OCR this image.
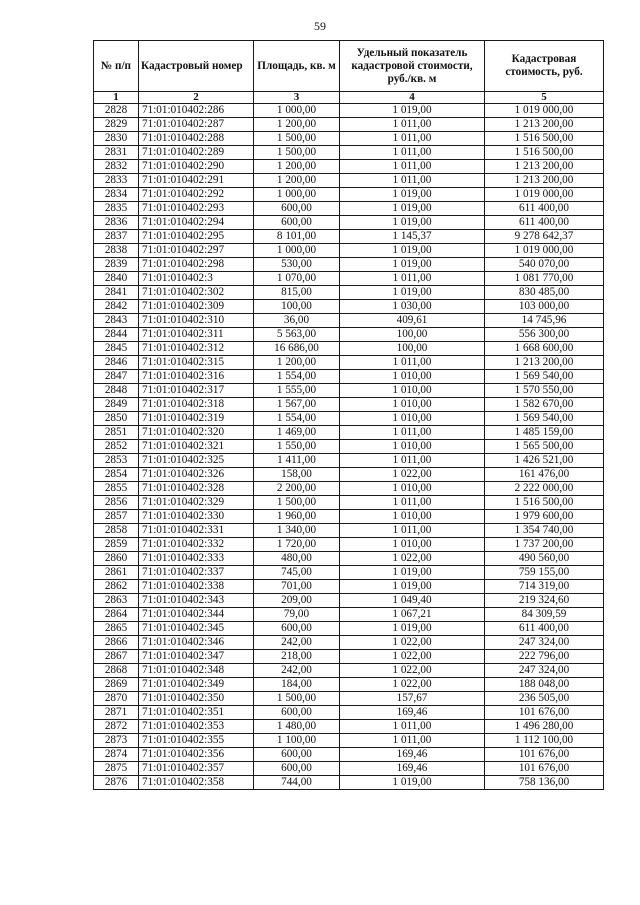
59
№ п/п	Кадастровый номер	Площадь, кв. м	Удельный показатель кадастровой стоимости, руб./кв. м	Кадастровая стоимость, руб.
1	2	3	4	5
2828	71:01:010402:286	1 000,00	1 019,00	1 019 000,00
2829	71:01:010402:287	1 200,00	1 011,00	1 213 200,00
2830	71:01:010402:288	1 500,00	1 011,00	1 516 500,00
2831	71:01:010402:289	1 500,00	1 011,00	1 516 500,00
2832	71:01:010402:290	1 200,00	1 011,00	1 213 200,00
2833	71:01:010402:291	1 200,00	1 011,00	1 213 200,00
2834	71:01:010402:292	1 000,00	1 019,00	1 019 000,00
2835	71:01:010402:293	600,00	1 019,00	611 400,00
2836	71:01:010402:294	600,00	1 019,00	611 400,00
2837	71:01:010402:295	8 101,00	1 145,37	9 278 642,37
2838	71:01:010402:297	1 000,00	1 019,00	1 019 000,00
2839	71:01:010402:298	530,00	1 019,00	540 070,00
2840	71:01:010402:3	1 070,00	1 011,00	1 081 770,00
2841	71:01:010402:302	815,00	1 019,00	830 485,00
2842	71:01:010402:309	100,00	1 030,00	103 000,00
2843	71:01:010402:310	36,00	409,61	14 745,96
2844	71:01:010402:311	5 563,00	100,00	556 300,00
2845	71:01:010402:312	16 686,00	100,00	1 668 600,00
2846	71:01:010402:315	1 200,00	1 011,00	1 213 200,00
2847	71:01:010402:316	1 554,00	1 010,00	1 569 540,00
2848	71:01:010402:317	1 555,00	1 010,00	1 570 550,00
2849	71:01:010402:318	1 567,00	1 010,00	1 582 670,00
2850	71:01:010402:319	1 554,00	1 010,00	1 569 540,00
2851	71:01:010402:320	1 469,00	1 011,00	1 485 159,00
2852	71:01:010402:321	1 550,00	1 010,00	1 565 500,00
2853	71:01:010402:325	1 411,00	1 011,00	1 426 521,00
2854	71:01:010402:326	158,00	1 022,00	161 476,00
2855	71:01:010402:328	2 200,00	1 010,00	2 222 000,00
2856	71:01:010402:329	1 500,00	1 011,00	1 516 500,00
2857	71:01:010402:330	1 960,00	1 010,00	1 979 600,00
2858	71:01:010402:331	1 340,00	1 011,00	1 354 740,00
2859	71:01:010402:332	1 720,00	1 010,00	1 737 200,00
2860	71:01:010402:333	480,00	1 022,00	490 560,00
2861	71:01:010402:337	745,00	1 019,00	759 155,00
2862	71:01:010402:338	701,00	1 019,00	714 319,00
2863	71:01:010402:343	209,00	1 049,40	219 324,60
2864	71:01:010402:344	79,00	1 067,21	84 309,59
2865	71:01:010402:345	600,00	1 019,00	611 400,00
2866	71:01:010402:346	242,00	1 022,00	247 324,00
2867	71:01:010402:347	218,00	1 022,00	222 796,00
2868	71:01:010402:348	242,00	1 022,00	247 324,00
2869	71:01:010402:349	184,00	1 022,00	188 048,00
2870	71:01:010402:350	1 500,00	157,67	236 505,00
2871	71:01:010402:351	600,00	169,46	101 676,00
2872	71:01:010402:353	1 480,00	1 011,00	1 496 280,00
2873	71:01:010402:355	1 100,00	1 011,00	1 112 100,00
2874	71:01:010402:356	600,00	169,46	101 676,00
2875	71:01:010402:357	600,00	169,46	101 676,00
2876	71:01:010402:358	744,00	1 019,00	758 136,00
